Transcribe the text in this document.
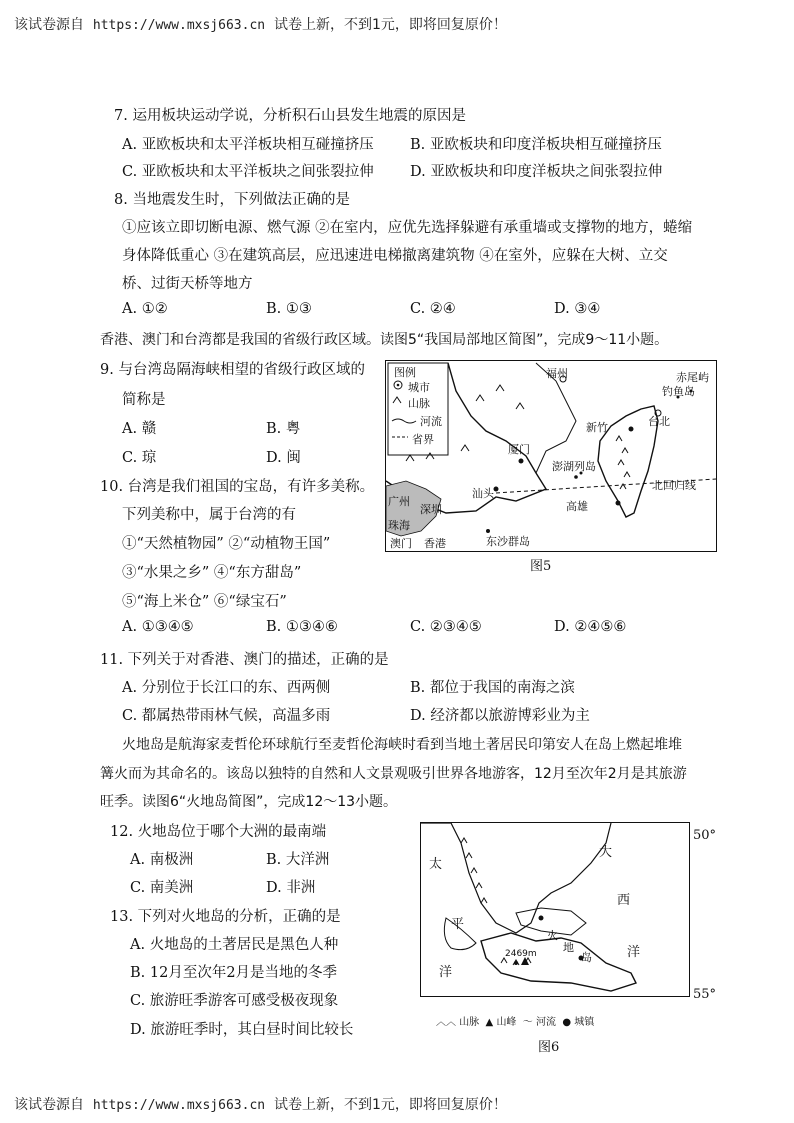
该试卷源自 https://www.mxsj663.cn 试卷上新，不到1元，即将回复原价！
7. 运用板块运动学说，分析积石山县发生地震的原因是
A. 亚欧板块和太平洋板块相互碰撞挤压	B. 亚欧板块和印度洋板块相互碰撞挤压
C. 亚欧板块和太平洋板块之间张裂拉伸 D. 亚欧板块和印度洋板块之间张裂拉伸
8. 当地震发生时，下列做法正确的是
①应该立即切断电源、燃气源 ②在室内，应优先选择躲避有承重墙或支撑物的地方，蜷缩
身体降低重心 ③在建筑高层，应迅速进电梯撤离建筑物 ④在室外，应躲在大树、立交
桥、过街天桥等地方
A. ①②	B. ①③	C. ②④	D. ③④
香港、澳门和台湾都是我国的省级行政区域。读图5“我国局部地区简图”，完成9～11小题。
9. 与台湾岛隔海峡相望的省级行政区域的
简称是
A. 赣	B. 粤
C. 琼	D. 闽
10. 台湾是我们祖国的宝岛，有许多美称。
下列美称中，属于台湾的有
①“天然植物园” ②“动植物王国”
③“水果之乡” ④“东方甜岛”
⑤“海上米仓” ⑥“绿宝石”
A. ①③④⑤	B. ①③④⑥	C. ②③④⑤	D. ②④⑤⑥
图例
城市
山脉
河流
省界
福州	赤尾屿
钓鱼岛
新竹	台北
厦门
澎湖列岛
汕头
北回归线
高雄
广州
深圳
珠海
澳门 香港	东沙群岛
图5
11. 下列关于对香港、澳门的描述，正确的是
A. 分别位于长江口的东、西两侧	B. 都位于我国的南海之滨
C. 都属热带雨林气候，高温多雨	D. 经济都以旅游博彩业为主
火地岛是航海家麦哲伦环球航行至麦哲伦海峡时看到当地土著居民印第安人在岛上燃起堆堆
篝火而为其命名的。该岛以独特的自然和人文景观吸引世界各地游客，12月至次年2月是其旅游
旺季。读图6“火地岛简图”，完成12～13小题。
12. 火地岛位于哪个大洲的最南端
A. 南极洲	B. 大洋洲
C. 南美洲	D. 非洲
13. 下列对火地岛的分析，正确的是
A. 火地岛的土著居民是黑色人种
B. 12月至次年2月是当地的冬季
C. 旅游旺季游客可感受极夜现象
D. 旅游旺季时，其白昼时间比较长
太
平
洋
大
西
洋
火
地
岛
2469m
50°
55°
︿︿ 山脉 ▲ 山峰 〜 河流 ● 城镇
图6
该试卷源自 https://www.mxsj663.cn 试卷上新，不到1元，即将回复原价！
